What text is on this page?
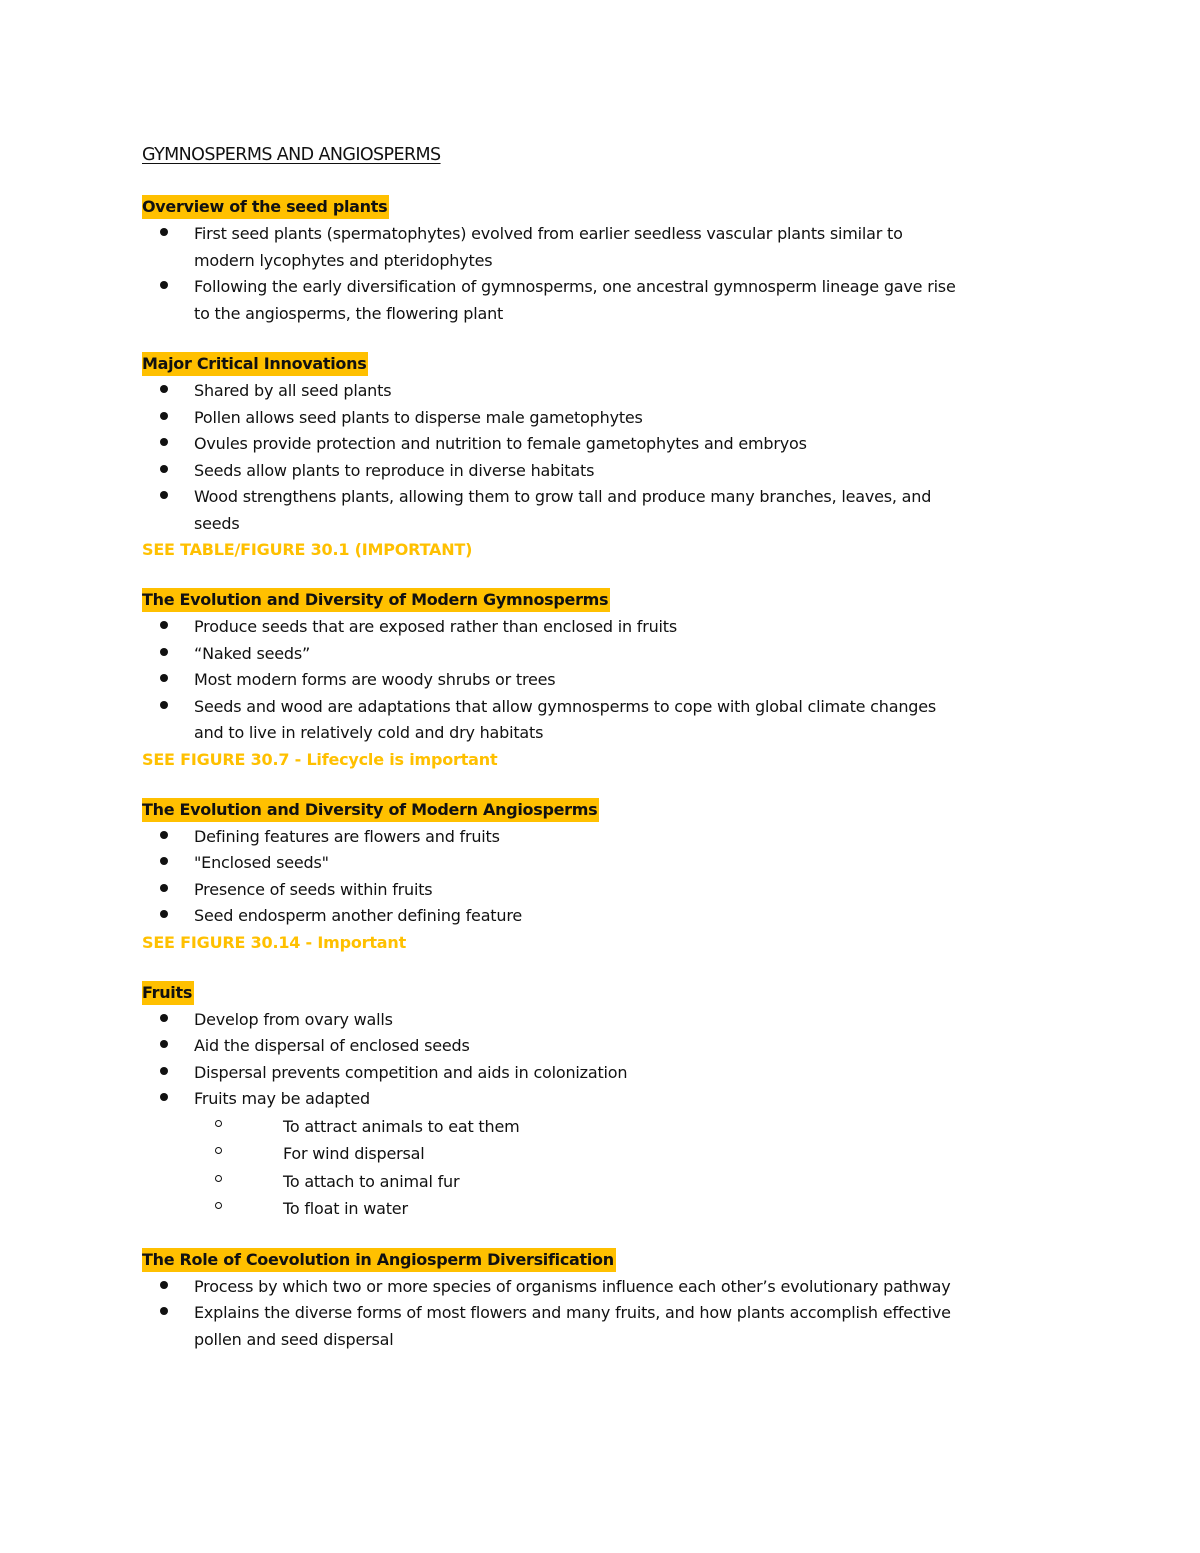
GYMNOSPERMS AND ANGIOSPERMS
Overview of the seed plants
First seed plants (spermatophytes) evolved from earlier seedless vascular plants similar to
modern lycophytes and pteridophytes
Following the early diversification of gymnosperms, one ancestral gymnosperm lineage gave rise
to the angiosperms, the flowering plant
Major Critical Innovations
Shared by all seed plants
Pollen allows seed plants to disperse male gametophytes
Ovules provide protection and nutrition to female gametophytes and embryos
Seeds allow plants to reproduce in diverse habitats
Wood strengthens plants, allowing them to grow tall and produce many branches, leaves, and
seeds
SEE TABLE/FIGURE 30.1 (IMPORTANT)
The Evolution and Diversity of Modern Gymnosperms
Produce seeds that are exposed rather than enclosed in fruits
“Naked seeds”
Most modern forms are woody shrubs or trees
Seeds and wood are adaptations that allow gymnosperms to cope with global climate changes
and to live in relatively cold and dry habitats
SEE FIGURE 30.7 - Lifecycle is important
The Evolution and Diversity of Modern Angiosperms
Defining features are flowers and fruits
"Enclosed seeds"
Presence of seeds within fruits
Seed endosperm another defining feature
SEE FIGURE 30.14 - Important
Fruits
Develop from ovary walls
Aid the dispersal of enclosed seeds
Dispersal prevents competition and aids in colonization
Fruits may be adapted
To attract animals to eat them
For wind dispersal
To attach to animal fur
To float in water
The Role of Coevolution in Angiosperm Diversification
Process by which two or more species of organisms influence each other’s evolutionary pathway
Explains the diverse forms of most flowers and many fruits, and how plants accomplish effective
pollen and seed dispersal
